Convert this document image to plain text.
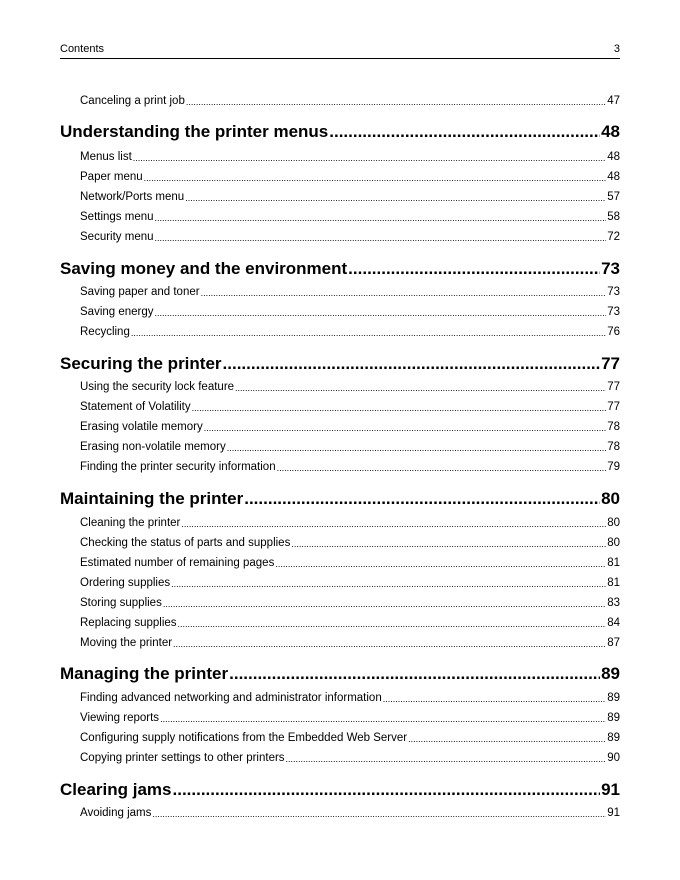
Contents	3
Canceling a print job .....	47
Understanding the printer menus .....	48
Menus list .....	48
Paper menu .....	48
Network/Ports menu .....	57
Settings menu .....	58
Security menu .....	72
Saving money and the environment .....	73
Saving paper and toner .....	73
Saving energy .....	73
Recycling .....	76
Securing the printer .....	77
Using the security lock feature .....	77
Statement of Volatility .....	77
Erasing volatile memory .....	78
Erasing non-volatile memory .....	78
Finding the printer security information .....	79
Maintaining the printer .....	80
Cleaning the printer .....	80
Checking the status of parts and supplies .....	80
Estimated number of remaining pages .....	81
Ordering supplies .....	81
Storing supplies .....	83
Replacing supplies .....	84
Moving the printer .....	87
Managing the printer .....	89
Finding advanced networking and administrator information .....	89
Viewing reports .....	89
Configuring supply notifications from the Embedded Web Server .....	89
Copying printer settings to other printers .....	90
Clearing jams .....	91
Avoiding jams .....	91
